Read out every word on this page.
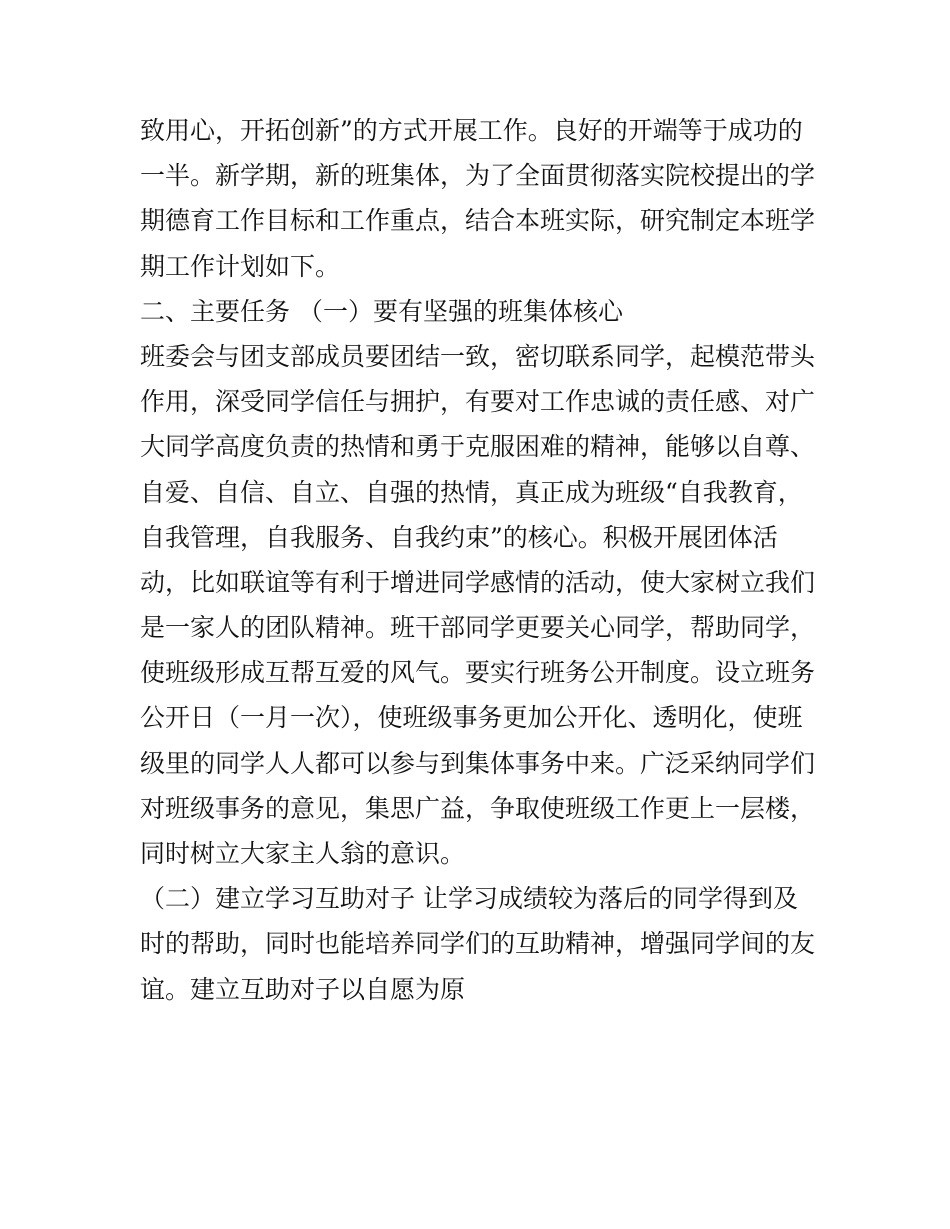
致用心，开拓创新”的方式开展工作。良好的开端等于成功的
一半。新学期，新的班集体，为了全面贯彻落实院校提出的学
期德育工作目标和工作重点，结合本班实际，研究制定本班学
期工作计划如下。
二、主要任务 （一）要有坚强的班集体核心
班委会与团支部成员要团结一致，密切联系同学，起模范带头
作用，深受同学信任与拥护，有要对工作忠诚的责任感、对广
大同学高度负责的热情和勇于克服困难的精神，能够以自尊、
自爱、自信、自立、自强的热情，真正成为班级“自我教育，
自我管理，自我服务、自我约束”的核心。积极开展团体活
动，比如联谊等有利于增进同学感情的活动，使大家树立我们
是一家人的团队精神。班干部同学更要关心同学，帮助同学，
使班级形成互帮互爱的风气。要实行班务公开制度。设立班务
公开日（一月一次），使班级事务更加公开化、透明化，使班
级里的同学人人都可以参与到集体事务中来。广泛采纳同学们
对班级事务的意见，集思广益，争取使班级工作更上一层楼，
同时树立大家主人翁的意识。
（二）建立学习互助对子 让学习成绩较为落后的同学得到及
时的帮助，同时也能培养同学们的互助精神，增强同学间的友
谊。建立互助对子以自愿为原
